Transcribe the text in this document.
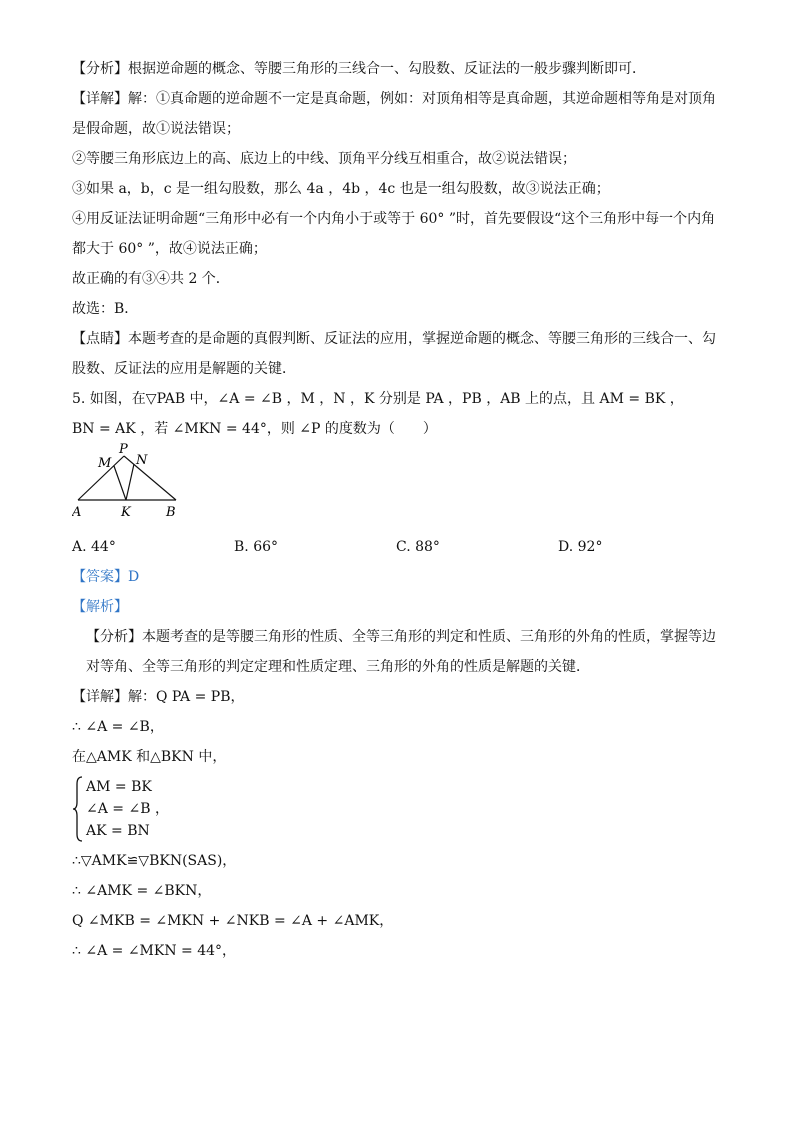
【分析】根据逆命题的概念、等腰三角形的三线合一、勾股数、反证法的一般步骤判断即可．
【详解】解：①真命题的逆命题不一定是真命题，例如：对顶角相等是真命题，其逆命题相等角是对顶角
是假命题，故①说法错误；
②等腰三角形底边上的高、底边上的中线、顶角平分线互相重合，故②说法错误；
③如果 a，b，c 是一组勾股数，那么 4a ，4b ，4c 也是一组勾股数，故③说法正确；
④用反证法证明命题“三角形中必有一个内角小于或等于 60° ”时，首先要假设“这个三角形中每一个内角
都大于 60° ”，故④说法正确；
故正确的有③④共 2 个．
故选：B．
【点睛】本题考查的是命题的真假判断、反证法的应用，掌握逆命题的概念、等腰三角形的三线合一、勾
股数、反证法的应用是解题的关键．
5. 如图，在▽PAB 中，∠A = ∠B ，M ，N ，K 分别是 PA ，PB ，AB 上的点，且 AM = BK ，
BN = AK ，若 ∠MKN = 44°，则 ∠P 的度数为（　　）
P
M N
A	K	B
A. 44°	B. 66°	C. 88°	D. 92°
【答案】D
【解析】
【分析】本题考查的是等腰三角形的性质、全等三角形的判定和性质、三角形的外角的性质，掌握等边
对等角、全等三角形的判定定理和性质定理、三角形的外角的性质是解题的关键．
【详解】解：Q PA = PB，
∴ ∠A = ∠B，
在△AMK 和△BKN 中，
AM = BK
∠A = ∠B ，
AK = BN
∴▽AMK≌▽BKN(SAS)，
∴ ∠AMK = ∠BKN，
Q ∠MKB = ∠MKN + ∠NKB = ∠A + ∠AMK，
∴ ∠A = ∠MKN = 44°，
